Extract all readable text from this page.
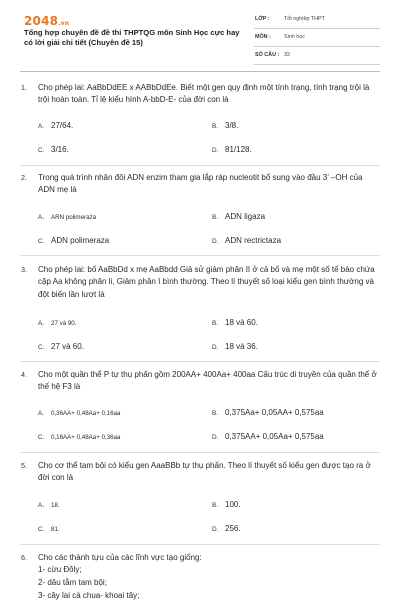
2048.vn
Tổng hợp chuyên đề đề thi THPTQG môn Sinh Học cực hay có lời giải chi tiết (Chuyên đề 15)
LỚP :	Tốt nghiệp THPT
MÔN : Sinh học
SỐ CÂU : 32
1. Cho phép lai: AaBbDdEE x AABbDdEe. Biết một gen quy định một tính trạng, tính trạng trội là trội hoàn toàn. Tỉ lệ kiểu hình A-bbD-E- của đời con là
A. 27/64.	B. 3/8.
C. 3/16.	D. 81/128.
2. Trong quá trình nhân đôi ADN enzim tham gia lắp ráp nucleotit bổ sung vào đầu 3’ –OH của ADN mẹ là
A. ARN polimeraza	B. ADN ligaza
C. ADN polimeraza	D. ADN rectrictaza
3. Cho phép lai: bố AaBbDd x mẹ AaBbdd Giả sử giảm phân II ở cả bố và mẹ một số tế bào chứa cặp Aa không phân li, Giảm phân I bình thường. Theo lí thuyết số loại kiểu gen bình thường và đột biến lần lượt là
A. 27 và 90.	B. 18 và 60.
C. 27 và 60.	D. 18 và 36.
4. Cho một quần thể P tự thụ phấn gồm 200AA+ 400Aa+ 400aa Cấu trúc di truyền của quần thể ở thế hệ F3 là
A. 0,36AA+ 0,48Aa+ 0,16aa	B. 0,375Aa+ 0,05AA+ 0,575aa
C. 0,16AA+ 0,48Aa+ 0,36aa	D. 0,375AA+ 0,05Aa+ 0,575aa
5. Cho cơ thể tam bội có kiểu gen AaaBBb tự thụ phấn. Theo lí thuyết số kiểu gen được tạo ra ở đời con là
A. 18.	B. 100.
C. 81.	D. 256.
6. Cho các thành tựu của các lĩnh vực tạo giống:
1- cừu Đôly;
2- dâu tằm tam bội;
3- cây lai cà chua- khoai tây;
